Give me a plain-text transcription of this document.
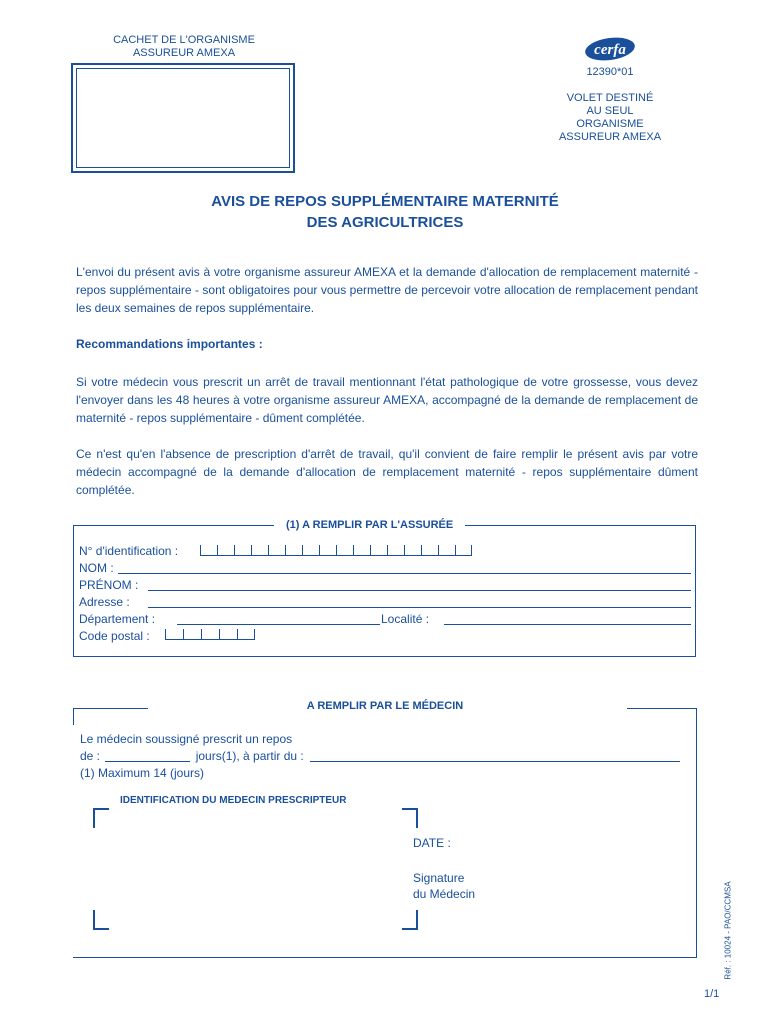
CACHET DE L'ORGANISME
ASSUREUR AMEXA	cerfa
12390*01
VOLET DESTINÉ
AU SEUL
ORGANISME
ASSUREUR AMEXA
AVIS DE REPOS SUPPLÉMENTAIRE MATERNITÉ
DES AGRICULTRICES
L'envoi du présent avis à votre organisme assureur AMEXA et la demande d'allocation de remplacement maternité - repos supplémentaire - sont obligatoires pour vous permettre de percevoir votre allocation de remplacement pendant les deux semaines de repos supplémentaire.
Recommandations importantes :
Si votre médecin vous prescrit un arrêt de travail mentionnant l'état pathologique de votre grossesse, vous devez l'envoyer dans les 48 heures à votre organisme assureur AMEXA, accompagné de la demande de remplacement de maternité - repos supplémentaire - dûment complétée.
Ce n'est qu'en l'absence de prescription d'arrêt de travail, qu'il convient de faire remplir le présent avis par votre médecin accompagné de la demande d'allocation de remplacement maternité - repos supplémentaire dûment complétée.
(1) A REMPLIR PAR L'ASSURÉE
N° d'identification :
NOM :
PRÉNOM :
Adresse :
Département :	Localité :
Code postal :
A REMPLIR PAR LE MÉDECIN
Le médecin soussigné prescrit un repos
de :	jours(1), à partir du :
(1) Maximum 14 (jours)
IDENTIFICATION DU MEDECIN PRESCRIPTEUR
DATE :
Signature
du Médecin	Réf. : 10024 - PAO/CCMSA
1/1
